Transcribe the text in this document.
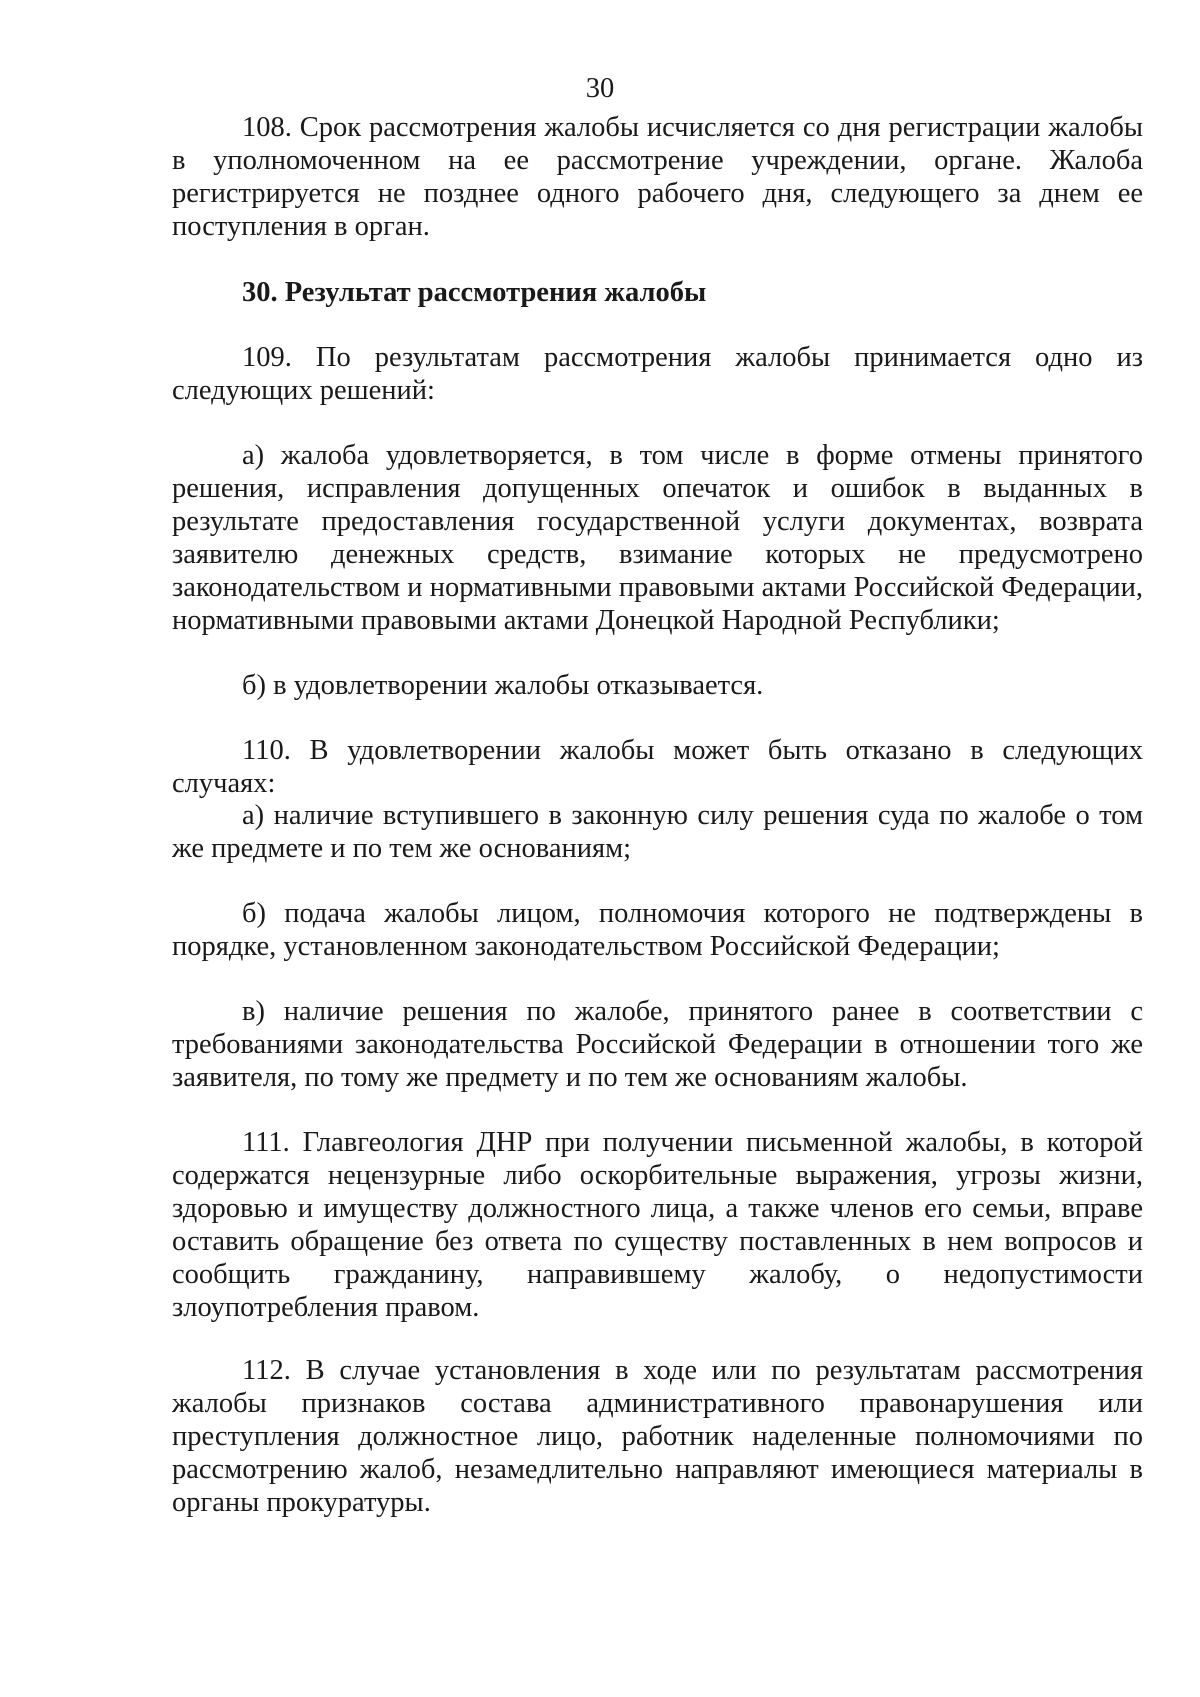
30

108. Срок рассмотрения жалобы исчисляется со дня регистрации жалобы в уполномоченном на ее рассмотрение учреждении, органе. Жалоба регистрируется не позднее одного рабочего дня, следующего за днем ее поступления в орган.

30. Результат рассмотрения жалобы

109. По результатам рассмотрения жалобы принимается одно из следующих решений:

а) жалоба удовлетворяется, в том числе в форме отмены принятого решения, исправления допущенных опечаток и ошибок в выданных в результате предоставления государственной услуги документах, возврата заявителю денежных средств, взимание которых не предусмотрено законодательством и нормативными правовыми актами Российской Федерации, нормативными правовыми актами Донецкой Народной Республики;

б) в удовлетворении жалобы отказывается.

110. В удовлетворении жалобы может быть отказано в следующих случаях:

а) наличие вступившего в законную силу решения суда по жалобе о том же предмете и по тем же основаниям;

б) подача жалобы лицом, полномочия которого не подтверждены в порядке, установленном законодательством Российской Федерации;

в) наличие решения по жалобе, принятого ранее в соответствии с требованиями законодательства Российской Федерации в отношении того же заявителя, по тому же предмету и по тем же основаниям жалобы.

111. Главгеология ДНР при получении письменной жалобы, в которой содержатся нецензурные либо оскорбительные выражения, угрозы жизни, здоровью и имуществу должностного лица, а также членов его семьи, вправе оставить обращение без ответа по существу поставленных в нем вопросов и сообщить гражданину, направившему жалобу, о недопустимости злоупотребления правом.

112. В случае установления в ходе или по результатам рассмотрения жалобы признаков состава административного правонарушения или преступления должностное лицо, работник наделенные полномочиями по рассмотрению жалоб, незамедлительно направляют имеющиеся материалы в органы прокуратуры.
